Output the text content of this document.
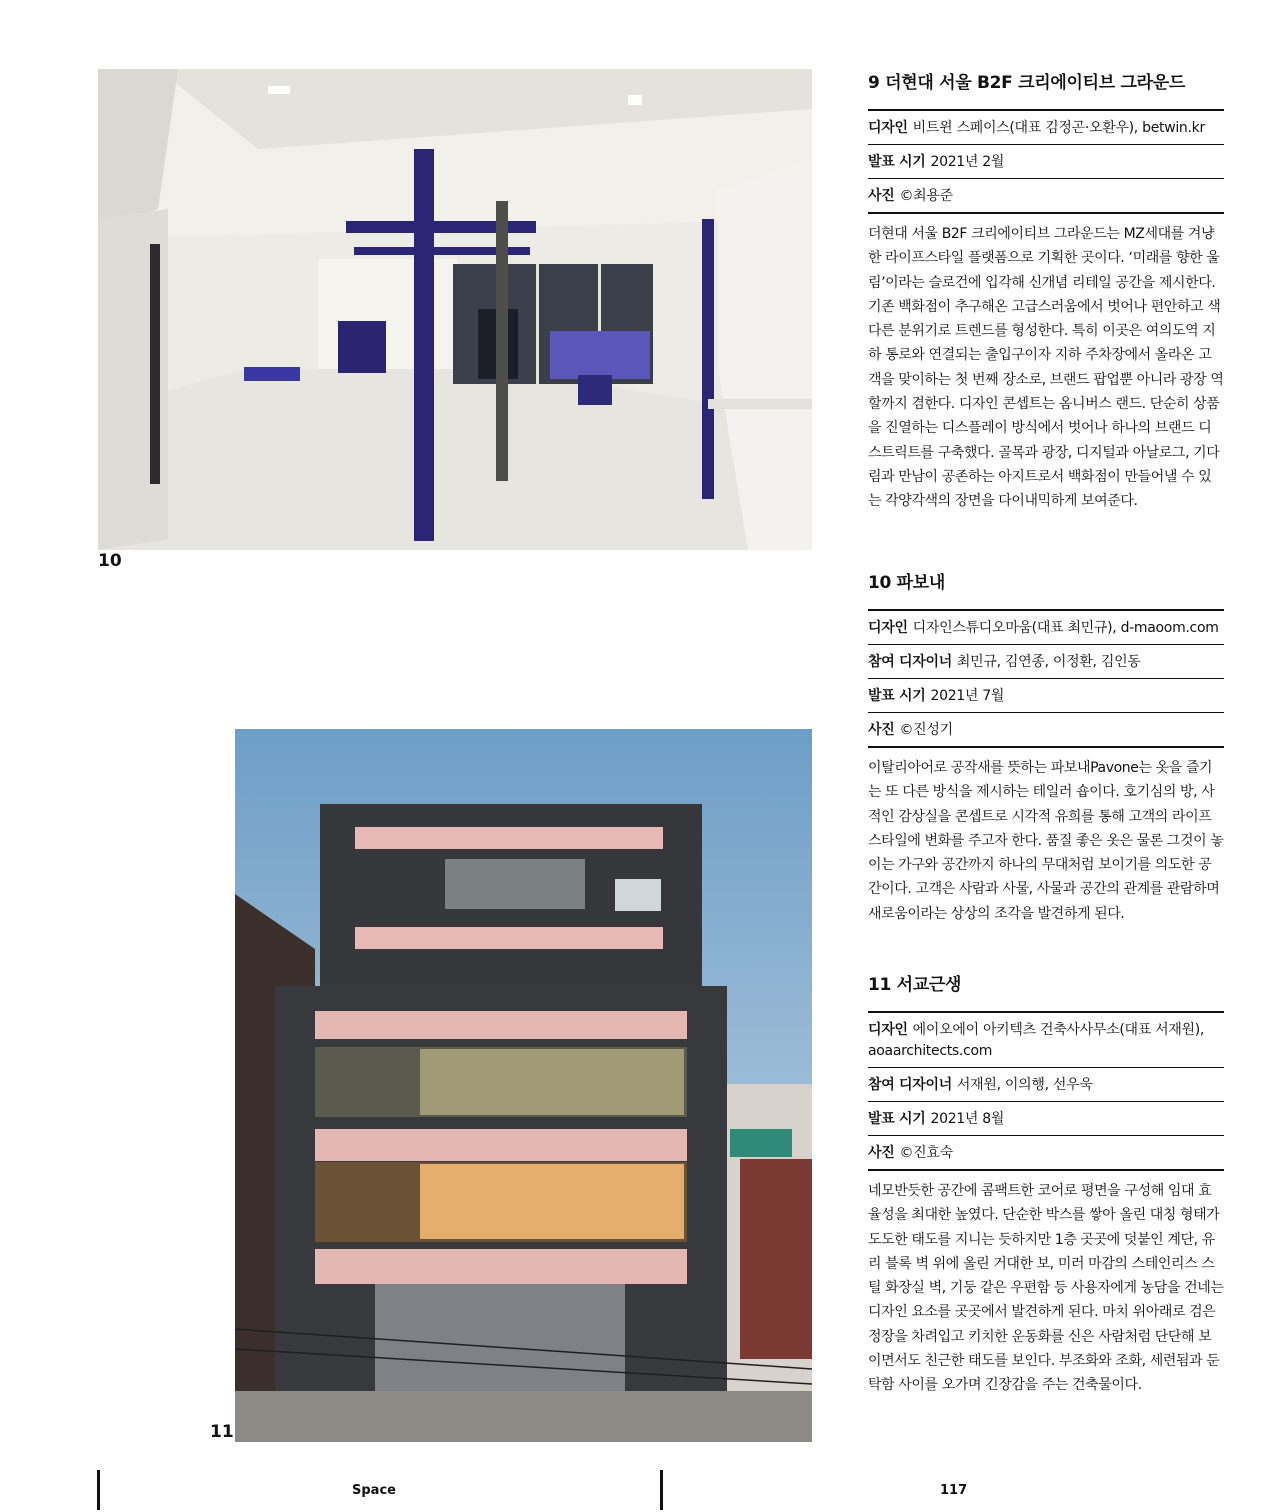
10
11
9 더현대 서울 B2F 크리에이티브 그라운드
디자인 비트윈 스페이스(대표 김정곤·오환우), betwin.kr
발표 시기 2021년 2월
사진 ©최용준
더현대 서울 B2F 크리에이티브 그라운드는 MZ세대를 겨냥한 라이프스타일 플랫폼으로 기획한 곳이다. ‘미래를 향한 울림’이라는 슬로건에 입각해 신개념 리테일 공간을 제시한다. 기존 백화점이 추구해온 고급스러움에서 벗어나 편안하고 색다른 분위기로 트렌드를 형성한다. 특히 이곳은 여의도역 지하 통로와 연결되는 출입구이자 지하 주차장에서 올라온 고객을 맞이하는 첫 번째 장소로, 브랜드 팝업뿐 아니라 광장 역할까지 겸한다. 디자인 콘셉트는 옴니버스 랜드. 단순히 상품을 진열하는 디스플레이 방식에서 벗어나 하나의 브랜드 디스트릭트를 구축했다. 골목과 광장, 디지털과 아날로그, 기다림과 만남이 공존하는 아지트로서 백화점이 만들어낼 수 있는 각양각색의 장면을 다이내믹하게 보여준다.
10 파보내
디자인 디자인스튜디오마움(대표 최민규), d-maoom.com
참여 디자이너 최민규, 김연종, 이정환, 김인동
발표 시기 2021년 7월
사진 ©진성기
이탈리아어로 공작새를 뜻하는 파보내Pavone는 옷을 즐기는 또 다른 방식을 제시하는 테일러 숍이다. 호기심의 방, 사적인 감상실을 콘셉트로 시각적 유희를 통해 고객의 라이프스타일에 변화를 주고자 한다. 품질 좋은 옷은 물론 그것이 놓이는 가구와 공간까지 하나의 무대처럼 보이기를 의도한 공간이다. 고객은 사람과 사물, 사물과 공간의 관계를 관람하며 새로움이라는 상상의 조각을 발견하게 된다.
11 서교근생
디자인 에이오에이 아키텍츠 건축사사무소(대표 서재원), aoaarchitects.com
참여 디자이너 서재원, 이의행, 선우욱
발표 시기 2021년 8월
사진 ©진효숙
네모반듯한 공간에 콤팩트한 코어로 평면을 구성해 임대 효율성을 최대한 높였다. 단순한 박스를 쌓아 올린 대칭 형태가 도도한 태도를 지니는 듯하지만 1층 곳곳에 덧붙인 계단, 유리 블록 벽 위에 올린 거대한 보, 미러 마감의 스테인리스 스틸 화장실 벽, 기둥 같은 우편함 등 사용자에게 농담을 건네는 디자인 요소를 곳곳에서 발견하게 된다. 마치 위아래로 검은 정장을 차려입고 키치한 운동화를 신은 사람처럼 단단해 보이면서도 친근한 태도를 보인다. 부조화와 조화, 세련됨과 둔탁함 사이를 오가며 긴장감을 주는 건축물이다.
Space	117
